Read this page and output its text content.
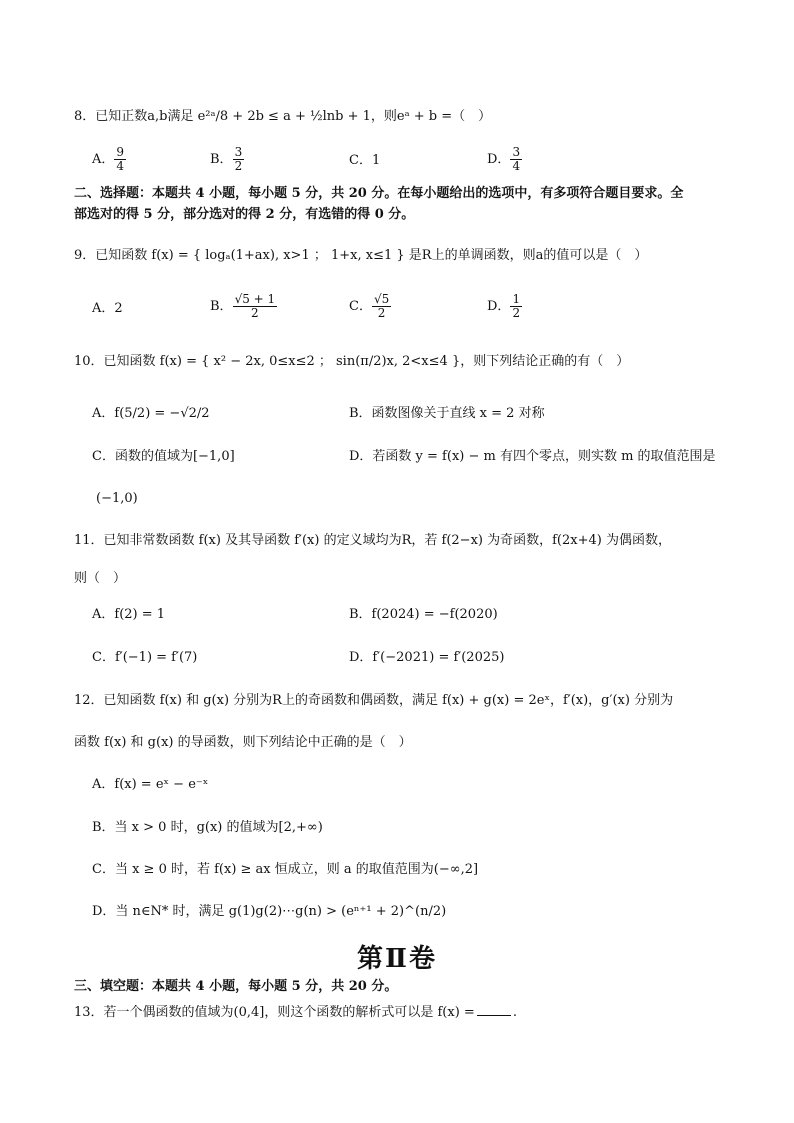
8．已知正数a,b满足 e²ᵃ/8 + 2b ≤ a + ½lnb + 1，则eᵃ + b =（　）
A． $\frac{9}{4}$	B． $\frac{3}{2}$	C．1	D． $\frac{3}{4}$
二、选择题：本题共 4 小题，每小题 5 分，共 20 分。在每小题给出的选项中，有多项符合题目要求。全
部选对的得 5 分，部分选对的得 2 分，有选错的得 0 分。
9．已知函数 f(x) = { logₐ(1+ax), x>1 ； 1+x, x≤1 } 是R上的单调函数，则a的值可以是（　）
A．2	B． $\frac{√5 + 1}{2}$	C． $\frac{√5}{2}$	D． $\frac{1}{2}$
10．已知函数 f(x) = { x² − 2x, 0≤x≤2 ； sin(π/2)x, 2<x≤4 }，则下列结论正确的有（　）
A．f(5/2) = −√2/2	B．函数图像关于直线 x = 2 对称
C．函数的值域为[−1,0]	D．若函数 y = f(x) − m 有四个零点，则实数 m 的取值范围是
(−1,0)
11．已知非常数函数 f(x) 及其导函数 f′(x) 的定义域均为R，若 f(2−x) 为奇函数，f(2x+4) 为偶函数，
则（　）
A．f(2) = 1	B．f(2024) = −f(2020)
C．f′(−1) = f′(7)	D．f′(−2021) = f′(2025)
12．已知函数 f(x) 和 g(x) 分别为R上的奇函数和偶函数，满足 f(x) + g(x) = 2eˣ，f′(x)，g′(x) 分别为
函数 f(x) 和 g(x) 的导函数，则下列结论中正确的是（　）
A．f(x) = eˣ − e⁻ˣ
B．当 x > 0 时，g(x) 的值域为[2,+∞)
C．当 x ≥ 0 时，若 f(x) ≥ ax 恒成立，则 a 的取值范围为(−∞,2]
D．当 n∈N* 时，满足 g(1)g(2)⋯g(n) > (eⁿ⁺¹ + 2)^(n/2)
第Ⅱ卷
三、填空题：本题共 4 小题，每小题 5 分，共 20 分。
13．若一个偶函数的值域为(0,4]，则这个函数的解析式可以是 f(x) =	.
